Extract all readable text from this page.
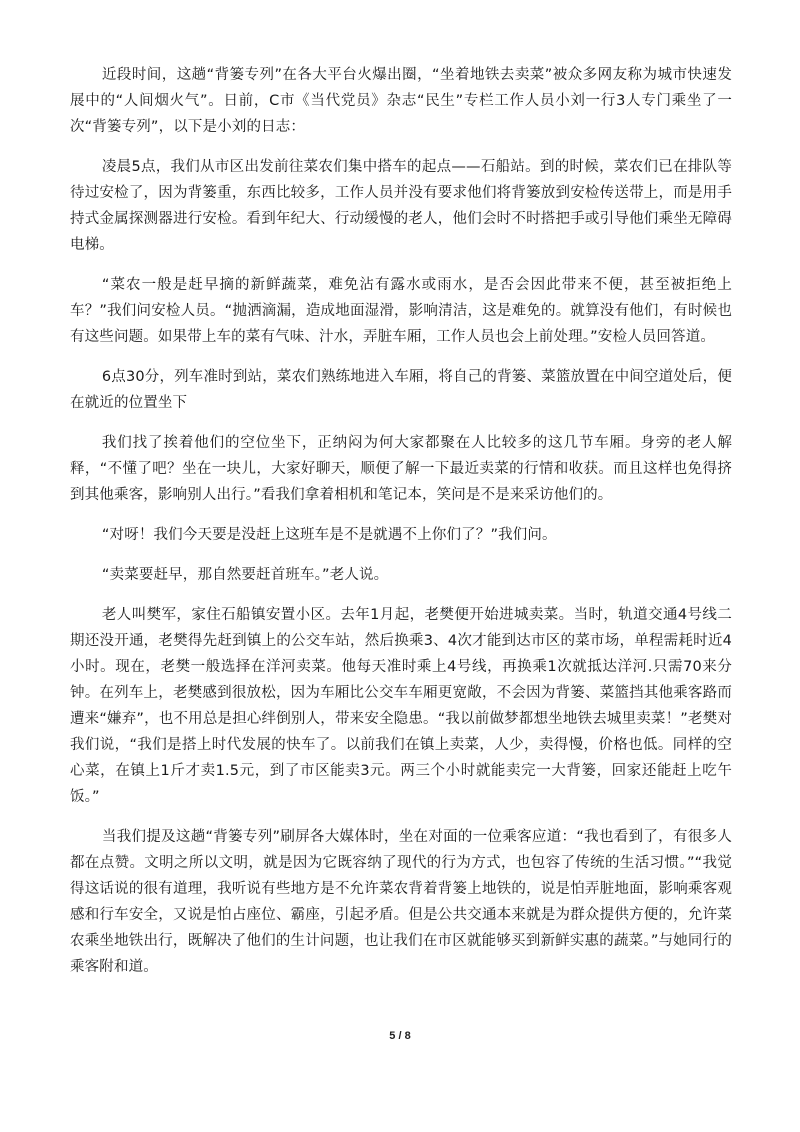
近段时间，这趟“背篓专列”在各大平台火爆出圈，“坐着地铁去卖菜”被众多网友称为城市快速发展中的“人间烟火气”。日前，C市《当代党员》杂志“民生”专栏工作人员小刘一行3人专门乘坐了一次“背篓专列”，以下是小刘的日志：

凌晨5点，我们从市区出发前往菜农们集中搭车的起点——石船站。到的时候，菜农们已在排队等待过安检了，因为背篓重，东西比较多，工作人员并没有要求他们将背篓放到安检传送带上，而是用手持式金属探测器进行安检。看到年纪大、行动缓慢的老人，他们会时不时搭把手或引导他们乘坐无障碍电梯。

“菜农一般是赶早摘的新鲜蔬菜，难免沾有露水或雨水，是否会因此带来不便，甚至被拒绝上车？”我们问安检人员。“抛洒滴漏，造成地面湿滑，影响清洁，这是难免的。就算没有他们，有时候也有这些问题。如果带上车的菜有气味、汁水，弄脏车厢，工作人员也会上前处理。”安检人员回答道。

6点30分，列车准时到站，菜农们熟练地进入车厢，将自己的背篓、菜篮放置在中间空道处后，便在就近的位置坐下

我们找了挨着他们的空位坐下，正纳闷为何大家都聚在人比较多的这几节车厢。身旁的老人解释，“不懂了吧？坐在一块儿，大家好聊天，顺便了解一下最近卖菜的行情和收获。而且这样也免得挤到其他乘客，影响别人出行。”看我们拿着相机和笔记本，笑问是不是来采访他们的。

“对呀！我们今天要是没赶上这班车是不是就遇不上你们了？”我们问。

“卖菜要赶早，那自然要赶首班车。”老人说。

老人叫樊军，家住石船镇安置小区。去年1月起，老樊便开始进城卖菜。当时，轨道交通4号线二期还没开通，老樊得先赶到镇上的公交车站，然后换乘3、4次才能到达市区的菜市场，单程需耗时近4小时。现在，老樊一般选择在洋河卖菜。他每天准时乘上4号线，再换乘1次就抵达洋河.只需70来分钟。在列车上，老樊感到很放松，因为车厢比公交车车厢更宽敞，不会因为背篓、菜篮挡其他乘客路而遭来“嫌弃”，也不用总是担心绊倒别人，带来安全隐患。“我以前做梦都想坐地铁去城里卖菜！”老樊对我们说，“我们是搭上时代发展的快车了。以前我们在镇上卖菜，人少，卖得慢，价格也低。同样的空心菜，在镇上1斤才卖1.5元，到了市区能卖3元。两三个小时就能卖完一大背篓，回家还能赶上吃午饭。”

当我们提及这趟“背篓专列”刷屏各大媒体时，坐在对面的一位乘客应道：“我也看到了，有很多人都在点赞。文明之所以文明，就是因为它既容纳了现代的行为方式，也包容了传统的生活习惯。”“我觉得这话说的很有道理，我听说有些地方是不允许菜农背着背篓上地铁的，说是怕弄脏地面，影响乘客观感和行车安全，又说是怕占座位、霸座，引起矛盾。但是公共交通本来就是为群众提供方便的，允许菜农乘坐地铁出行，既解决了他们的生计问题，也让我们在市区就能够买到新鲜实惠的蔬菜。”与她同行的乘客附和道。

5 / 8
